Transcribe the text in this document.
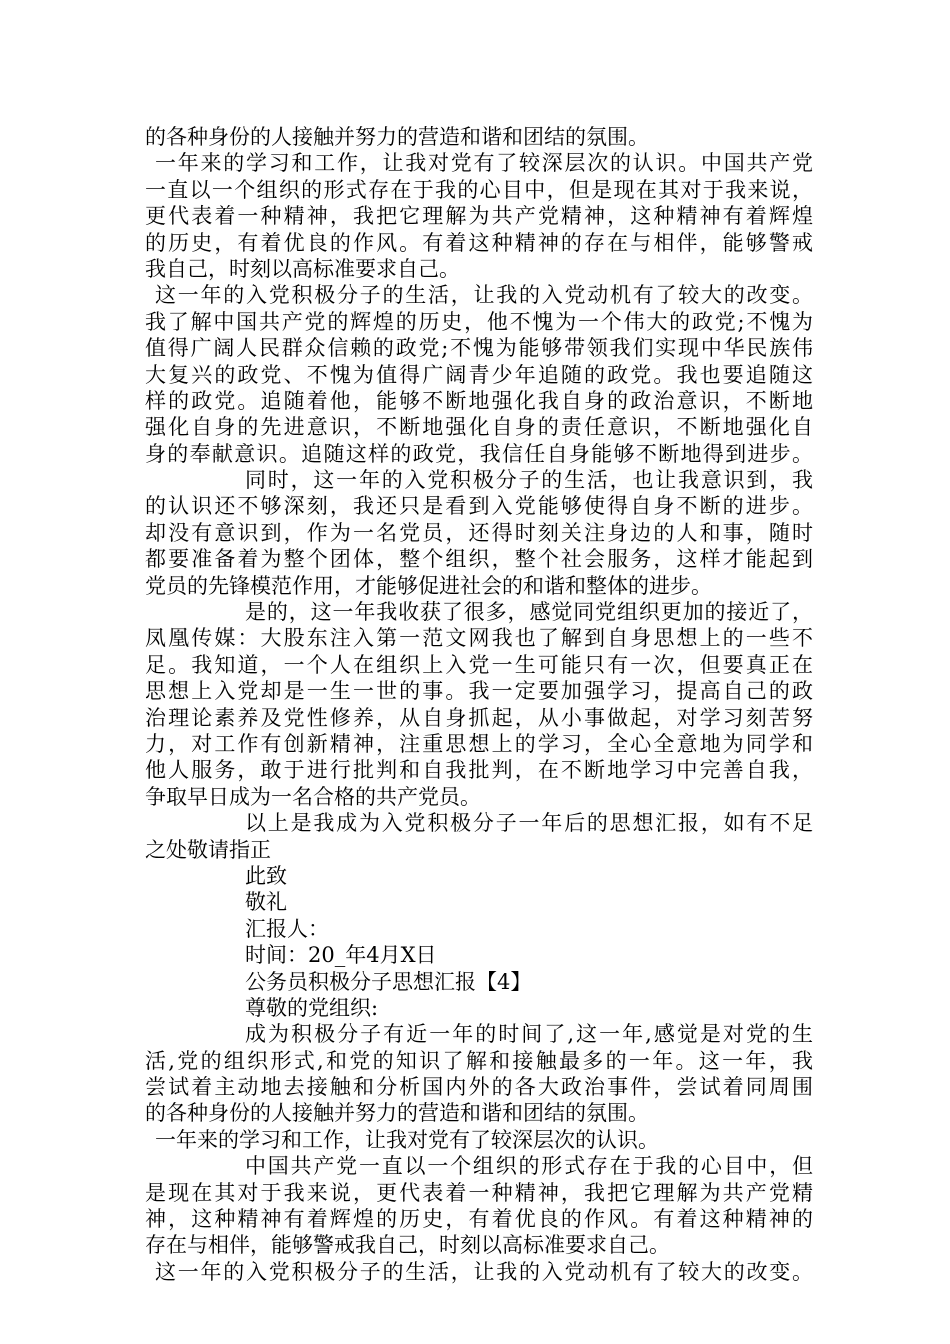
的各种身份的人接触并努力的营造和谐和团结的氛围。
一年来的学习和工作，让我对党有了较深层次的认识。中国共产党
一直以一个组织的形式存在于我的心目中，但是现在其对于我来说，
更代表着一种精神，我把它理解为共产党精神，这种精神有着辉煌
的历史，有着优良的作风。有着这种精神的存在与相伴，能够警戒
我自己，时刻以高标准要求自己。
这一年的入党积极分子的生活，让我的入党动机有了较大的改变。
我了解中国共产党的辉煌的历史，他不愧为一个伟大的政党;不愧为
值得广阔人民群众信赖的政党;不愧为能够带领我们实现中华民族伟
大复兴的政党、不愧为值得广阔青少年追随的政党。我也要追随这
样的政党。追随着他，能够不断地强化我自身的政治意识，不断地
强化自身的先进意识，不断地强化自身的责任意识，不断地强化自
身的奉献意识。追随这样的政党，我信任自身能够不断地得到进步。
同时，这一年的入党积极分子的生活，也让我意识到，我
的认识还不够深刻，我还只是看到入党能够使得自身不断的进步。
却没有意识到，作为一名党员，还得时刻关注身边的人和事，随时
都要准备着为整个团体，整个组织，整个社会服务，这样才能起到
党员的先锋模范作用，才能够促进社会的和谐和整体的进步。
是的，这一年我收获了很多，感觉同党组织更加的接近了，
凤凰传媒：大股东注入第一范文网我也了解到自身思想上的一些不
足。我知道，一个人在组织上入党一生可能只有一次，但要真正在
思想上入党却是一生一世的事。我一定要加强学习，提高自己的政
治理论素养及党性修养，从自身抓起，从小事做起，对学习刻苦努
力，对工作有创新精神，注重思想上的学习，全心全意地为同学和
他人服务，敢于进行批判和自我批判，在不断地学习中完善自我，
争取早日成为一名合格的共产党员。
以上是我成为入党积极分子一年后的思想汇报，如有不足
之处敬请指正
此致
敬礼
汇报人：
时间：20_年4月X日
公务员积极分子思想汇报【4】
尊敬的党组织:
成为积极分子有近一年的时间了,这一年,感觉是对党的生
活,党的组织形式,和党的知识了解和接触最多的一年。这一年，我
尝试着主动地去接触和分析国内外的各大政治事件，尝试着同周围
的各种身份的人接触并努力的营造和谐和团结的氛围。
一年来的学习和工作，让我对党有了较深层次的认识。
中国共产党一直以一个组织的形式存在于我的心目中，但
是现在其对于我来说，更代表着一种精神，我把它理解为共产党精
神，这种精神有着辉煌的历史，有着优良的作风。有着这种精神的
存在与相伴，能够警戒我自己，时刻以高标准要求自己。
这一年的入党积极分子的生活，让我的入党动机有了较大的改变。
